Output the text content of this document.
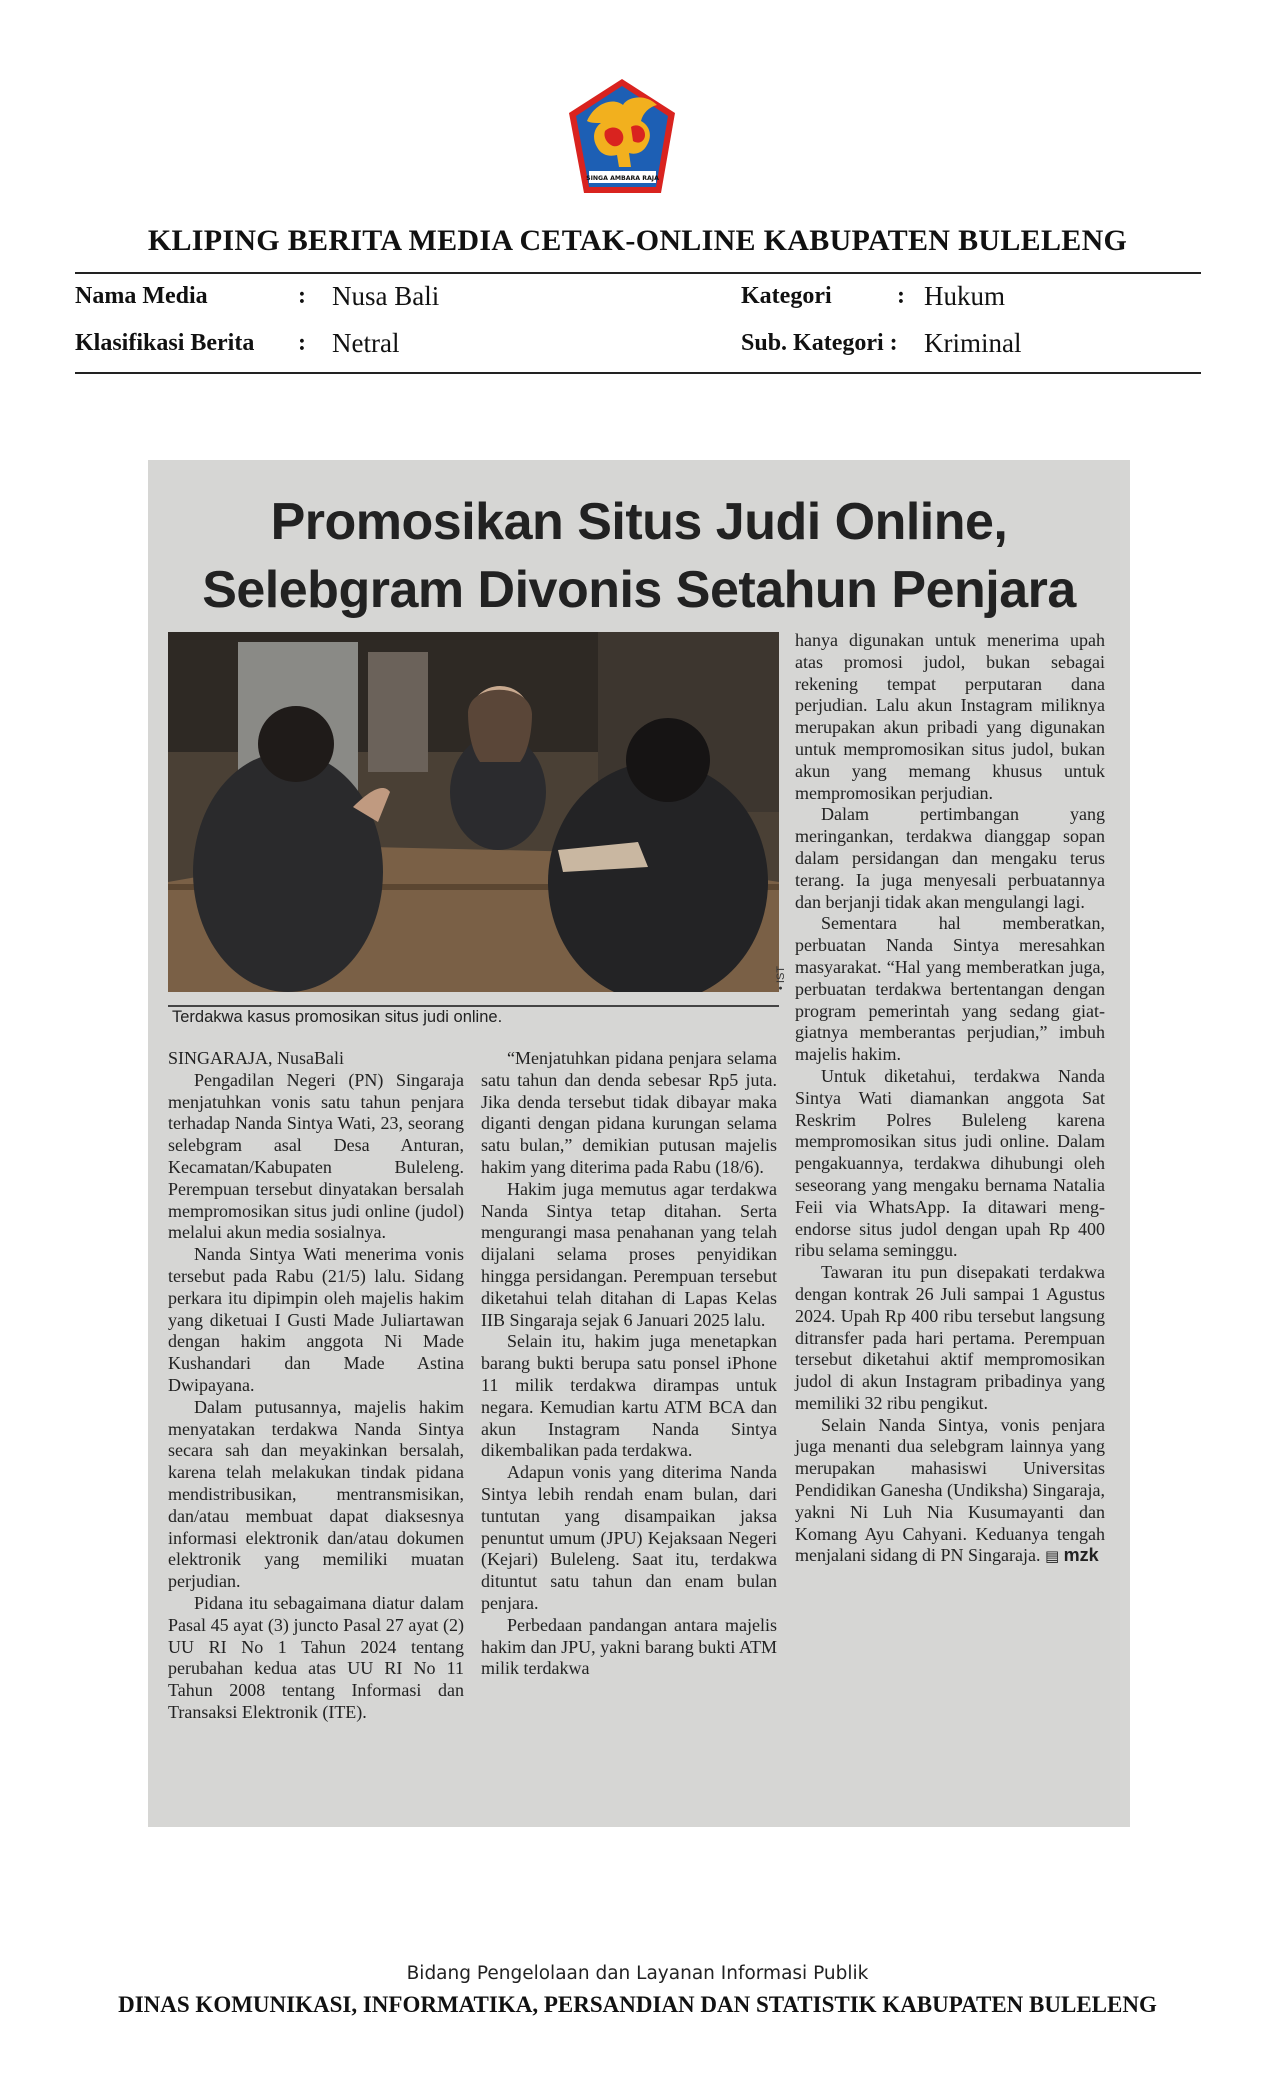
SINGA AMBARA RAJA
KLIPING BERITA MEDIA CETAK-ONLINE KABUPATEN BULELENG
Nama Media	: Nusa Bali	Kategori	: Hukum
Klasifikasi Berita : Netral	Sub. Kategori : Kriminal
Promosikan Situs Judi Online,
Selebgram Divonis Setahun Penjara
• IST
Terdakwa kasus promosikan situs judi online.

SINGARAJA, NusaBali

Pengadilan Negeri (PN) Singaraja menjatuhkan vonis satu tahun penjara terhadap Nanda Sintya Wati, 23, seorang selebgram asal Desa Anturan, Kecamatan/Kabupaten Buleleng. Perempuan tersebut dinyatakan bersalah mempromosikan situs judi online (judol) melalui akun media sosialnya.

Nanda Sintya Wati menerima vonis tersebut pada Rabu (21/5) lalu. Sidang perkara itu dipimpin oleh majelis hakim yang diketuai I Gusti Made Juliartawan dengan hakim anggota Ni Made Kushandari dan Made Astina Dwipayana.

Dalam putusannya, majelis hakim menyatakan terdakwa Nanda Sintya secara sah dan meyakinkan bersalah, karena telah melakukan tindak pidana mendistribusikan, mentransmisikan, dan/atau membuat dapat diaksesnya informasi elektronik dan/atau dokumen elektronik yang memiliki muatan perjudian.

Pidana itu sebagaimana diatur dalam Pasal 45 ayat (3) juncto Pasal 27 ayat (2) UU RI No 1 Tahun 2024 tentang perubahan kedua atas UU RI No 11 Tahun 2008 tentang Informasi dan Transaksi Elektronik (ITE).

“Menjatuhkan pidana penjara selama satu tahun dan denda sebesar Rp5 juta. Jika denda tersebut tidak dibayar maka diganti dengan pidana kurungan selama satu bulan,” demikian putusan majelis hakim yang diterima pada Rabu (18/6).

Hakim juga memutus agar terdakwa Nanda Sintya tetap ditahan. Serta mengurangi masa penahanan yang telah dijalani selama proses penyidikan hingga persidangan. Perempuan tersebut diketahui telah ditahan di Lapas Kelas IIB Singaraja sejak 6 Januari 2025 lalu.

Selain itu, hakim juga menetapkan barang bukti berupa satu ponsel iPhone 11 milik terdakwa dirampas untuk negara. Kemudian kartu ATM BCA dan akun Instagram Nanda Sintya dikembalikan pada terdakwa.

Adapun vonis yang diterima Nanda Sintya lebih rendah enam bulan, dari tuntutan yang disampaikan jaksa penuntut umum (JPU) Kejaksaan Negeri (Kejari) Buleleng. Saat itu, terdakwa dituntut satu tahun dan enam bulan penjara.

Perbedaan pandangan antara majelis hakim dan JPU, yakni barang bukti ATM milik terdakwa

hanya digunakan untuk menerima upah atas promosi judol, bukan sebagai rekening tempat perputaran dana perjudian. Lalu akun Instagram miliknya merupakan akun pribadi yang digunakan untuk mempromosikan situs judol, bukan akun yang memang khusus untuk mempromosikan perjudian.

Dalam pertimbangan yang meringankan, terdakwa dianggap sopan dalam persidangan dan mengaku terus terang. Ia juga menyesali perbuatannya dan berjanji tidak akan mengulangi lagi.

Sementara hal memberatkan, perbuatan Nanda Sintya meresahkan masyarakat. “Hal yang memberatkan juga, perbuatan terdakwa bertentangan dengan program pemerintah yang sedang giat-giatnya memberantas perjudian,” imbuh majelis hakim.

Untuk diketahui, terdakwa Nanda Sintya Wati diamankan anggota Sat Reskrim Polres Buleleng karena mempromosikan situs judi online. Dalam pengakuannya, terdakwa dihubungi oleh seseorang yang mengaku bernama Natalia Feii via WhatsApp. Ia ditawari meng-endorse situs judol dengan upah Rp 400 ribu selama seminggu.

Tawaran itu pun disepakati terdakwa dengan kontrak 26 Juli sampai 1 Agustus 2024. Upah Rp 400 ribu tersebut langsung ditransfer pada hari pertama. Perempuan tersebut diketahui aktif mempromosikan judol di akun Instagram pribadinya yang memiliki 32 ribu pengikut.

Selain Nanda Sintya, vonis penjara juga menanti dua selebgram lainnya yang merupakan mahasiswi Universitas Pendidikan Ganesha (Undiksha) Singaraja, yakni Ni Luh Nia Kusumayanti dan Komang Ayu Cahyani. Keduanya tengah menjalani sidang di PN Singaraja. ▤ mzk

Bidang Pengelolaan dan Layanan Informasi Publik
DINAS KOMUNIKASI, INFORMATIKA, PERSANDIAN DAN STATISTIK KABUPATEN BULELENG
